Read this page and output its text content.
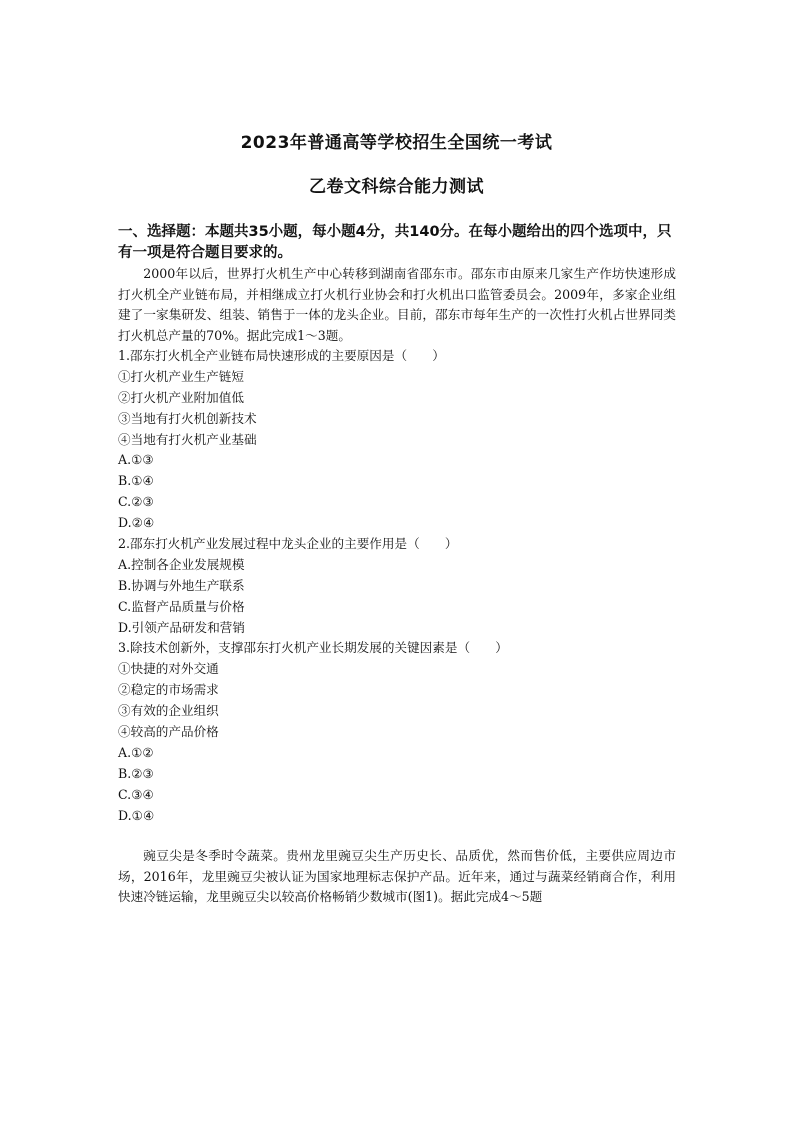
2023年普通高等学校招生全国统一考试
乙卷文科综合能力测试
一、选择题：本题共35小题，每小题4分，共140分。在每小题给出的四个选项中，只有一项是符合题目要求的。
2000年以后，世界打火机生产中心转移到湖南省邵东市。邵东市由原来几家生产作坊快速形成打火机全产业链布局，并相继成立打火机行业协会和打火机出口监管委员会。2009年，多家企业组建了一家集研发、组装、销售于一体的龙头企业。目前，邵东市每年生产的一次性打火机占世界同类打火机总产量的70%。据此完成1～3题。
1.邵东打火机全产业链布局快速形成的主要原因是（　　）
①打火机产业生产链短
②打火机产业附加值低
③当地有打火机创新技术
④当地有打火机产业基础
A.①③
B.①④
C.②③
D.②④
2.邵东打火机产业发展过程中龙头企业的主要作用是（　　）
A.控制各企业发展规模
B.协调与外地生产联系
C.监督产品质量与价格
D.引领产品研发和营销
3.除技术创新外，支撑邵东打火机产业长期发展的关键因素是（　　）
①快捷的对外交通
②稳定的市场需求
③有效的企业组织
④较高的产品价格
A.①②
B.②③
C.③④
D.①④
豌豆尖是冬季时令蔬菜。贵州龙里豌豆尖生产历史长、品质优，然而售价低，主要供应周边市场，2016年，龙里豌豆尖被认证为国家地理标志保护产品。近年来，通过与蔬菜经销商合作，利用快速冷链运输，龙里豌豆尖以较高价格畅销少数城市(图1)。据此完成4～5题
